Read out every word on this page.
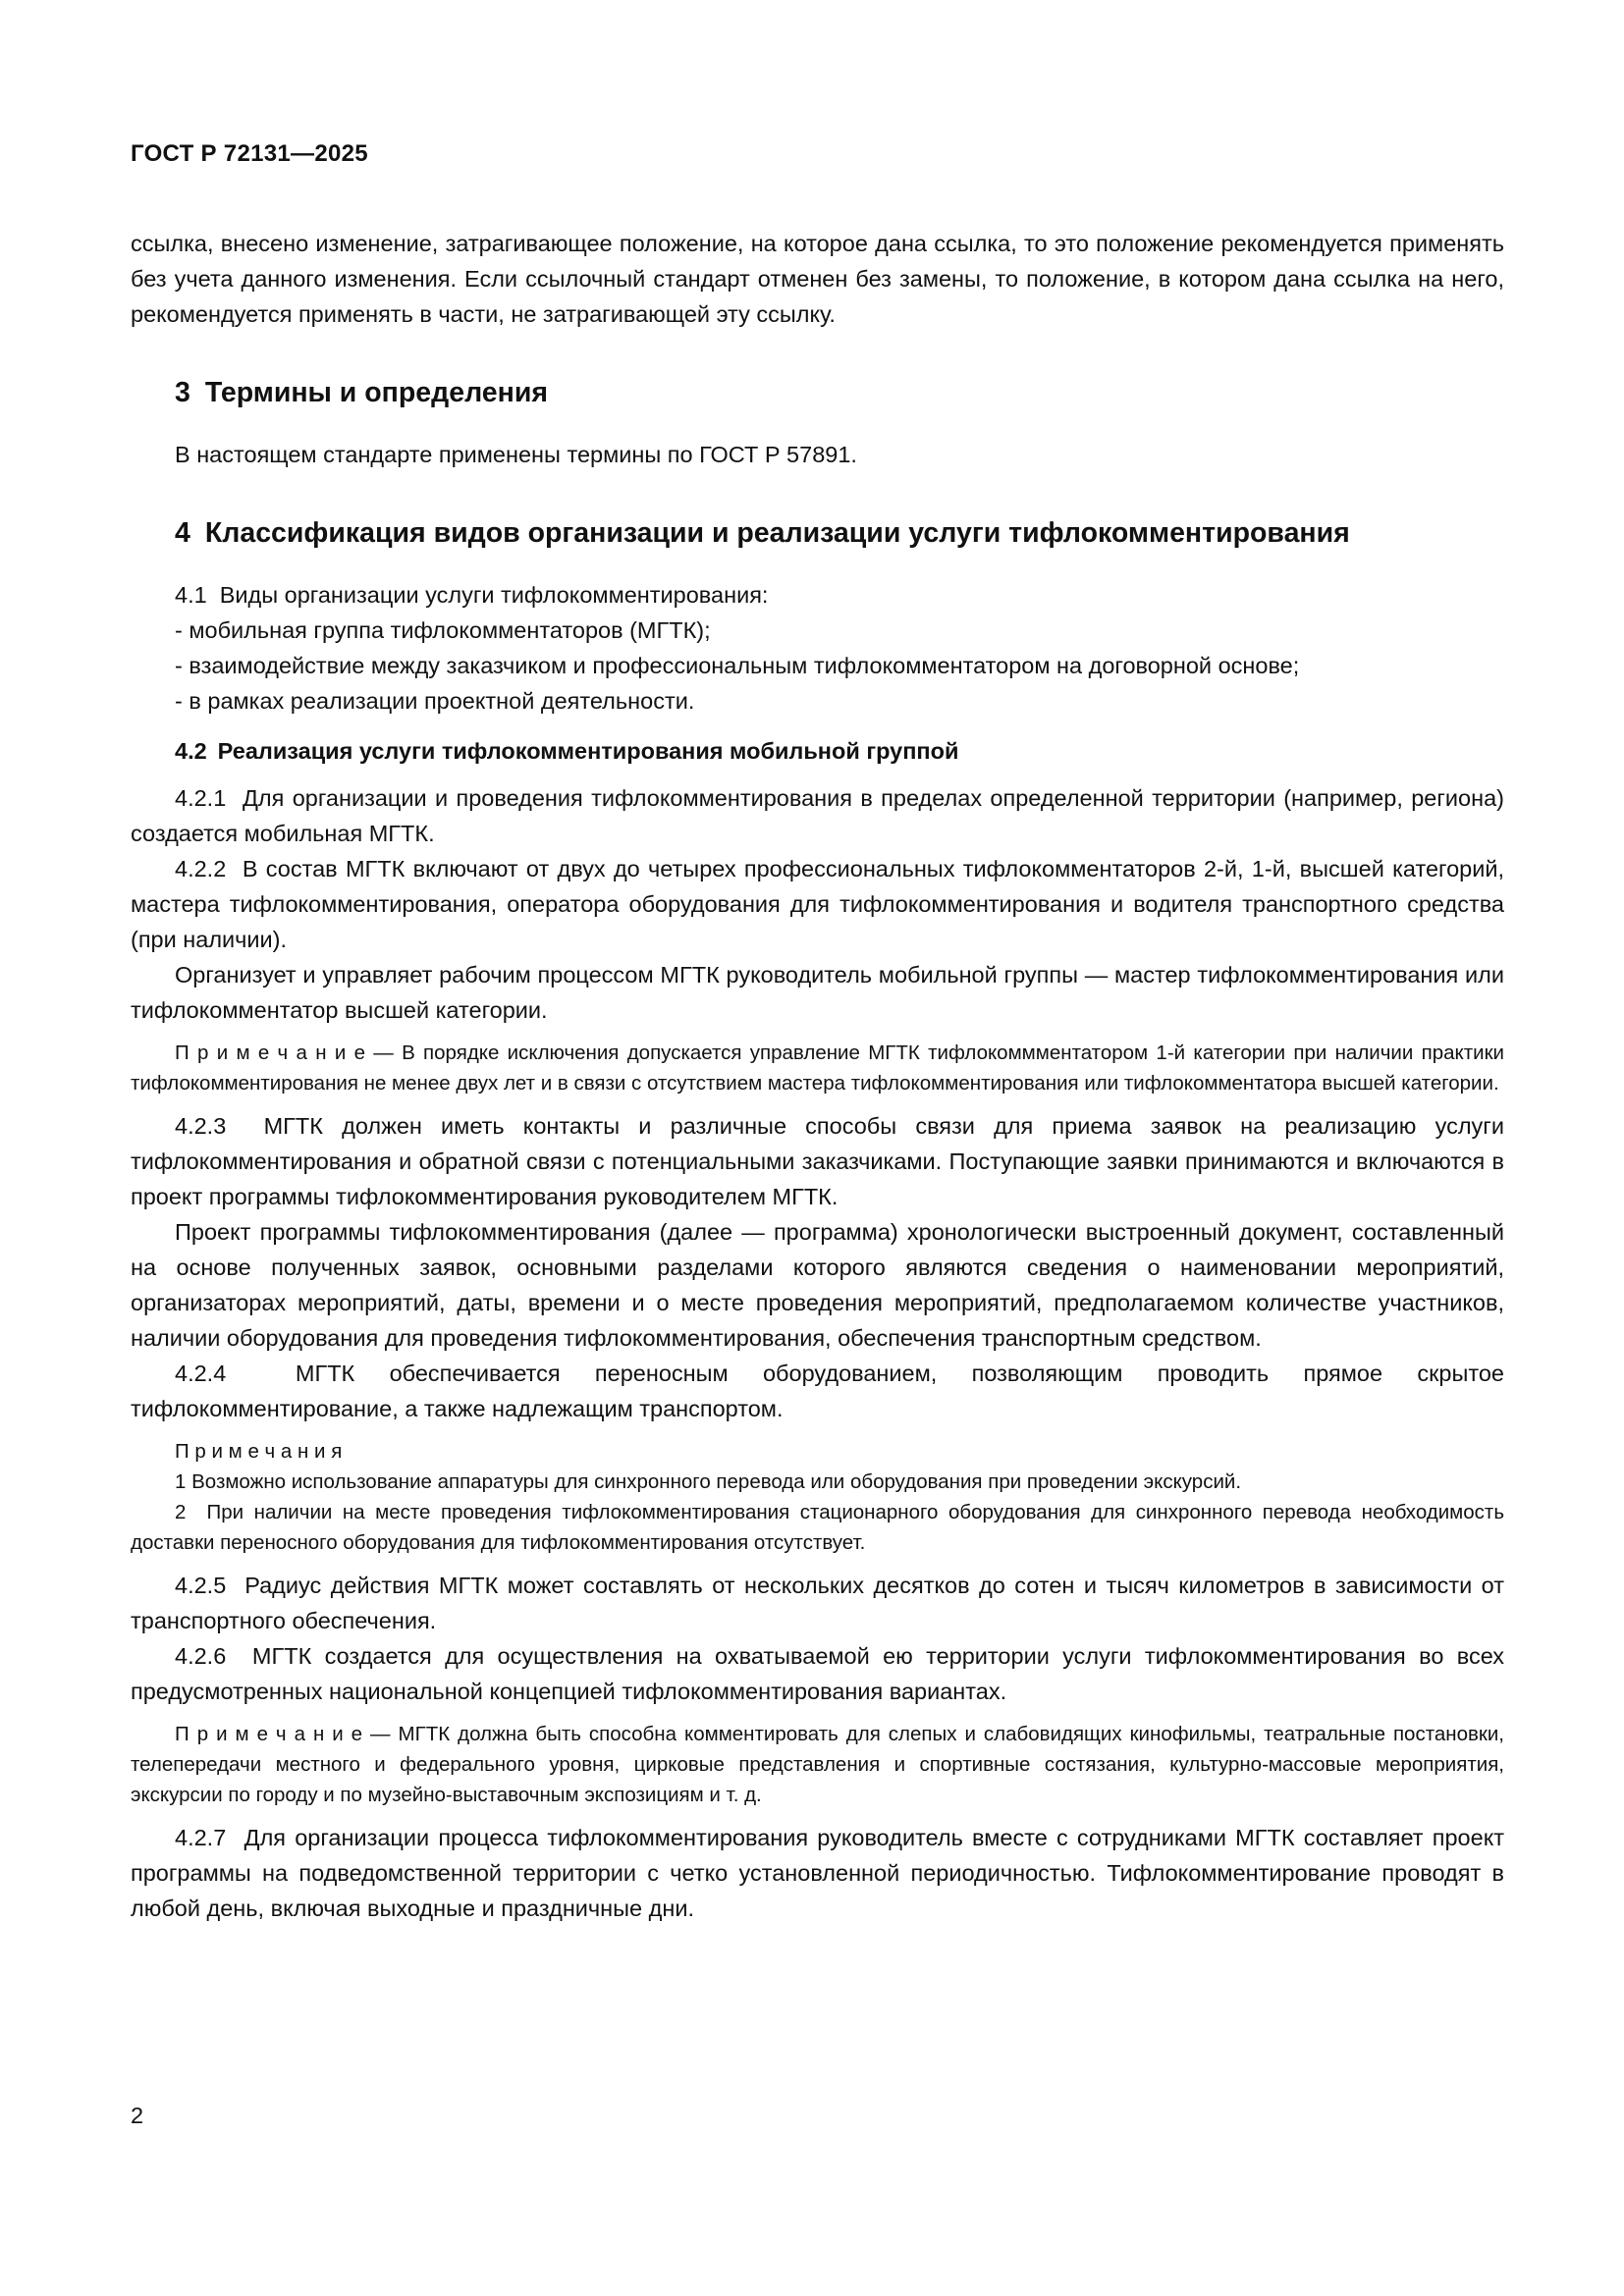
ГОСТ Р 72131—2025

ссылка, внесено изменение, затрагивающее положение, на которое дана ссылка, то это положение рекомендуется применять без учета данного изменения. Если ссылочный стандарт отменен без замены, то положение, в котором дана ссылка на него, рекомендуется применять в части, не затрагивающей эту ссылку.

3 Термины и определения

В настоящем стандарте применены термины по ГОСТ Р 57891.

4 Классификация видов организации и реализации услуги тифлокомментирования

4.1  Виды организации услуги тифлокомментирования:

- мобильная группа тифлокомментаторов (МГТК);

- взаимодействие между заказчиком и профессиональным тифлокомментатором на договорной основе;

- в рамках реализации проектной деятельности.

4.2 Реализация услуги тифлокомментирования мобильной группой

4.2.1  Для организации и проведения тифлокомментирования в пределах определенной территории (например, региона) создается мобильная МГТК.

4.2.2  В состав МГТК включают от двух до четырех профессиональных тифлокомментаторов 2-й, 1-й, высшей категорий, мастера тифлокомментирования, оператора оборудования для тифлокомментирования и водителя транспортного средства (при наличии).

Организует и управляет рабочим процессом МГТК руководитель мобильной группы — мастер тифлокомментирования или тифлокомментатор высшей категории.

П р и м е ч а н и е — В порядке исключения допускается управление МГТК тифлокоммментатором 1-й категории при наличии практики тифлокомментирования не менее двух лет и в связи с отсутствием мастера тифлокомментирования или тифлокомментатора высшей категории.

4.2.3  МГТК должен иметь контакты и различные способы связи для приема заявок на реализацию услуги тифлокомментирования и обратной связи с потенциальными заказчиками. Поступающие заявки принимаются и включаются в проект программы тифлокомментирования руководителем МГТК.

Проект программы тифлокомментирования (далее — программа) хронологически выстроенный документ, составленный на основе полученных заявок, основными разделами которого являются сведения о наименовании мероприятий, организаторах мероприятий, даты, времени и о месте проведения мероприятий, предполагаемом количестве участников, наличии оборудования для проведения тифлокомментирования, обеспечения транспортным средством.

4.2.4  МГТК обеспечивается переносным оборудованием, позволяющим проводить прямое скрытое тифлокомментирование, а также надлежащим транспортом.

П р и м е ч а н и я

1 Возможно использование аппаратуры для синхронного перевода или оборудования при проведении экскурсий.

2  При наличии на месте проведения тифлокомментирования стационарного оборудования для синхронного перевода необходимость доставки переносного оборудования для тифлокомментирования отсутствует.

4.2.5  Радиус действия МГТК может составлять от нескольких десятков до сотен и тысяч километров в зависимости от транспортного обеспечения.

4.2.6  МГТК создается для осуществления на охватываемой ею территории услуги тифлокомментирования во всех предусмотренных национальной концепцией тифлокомментирования вариантах.

П р и м е ч а н и е — МГТК должна быть способна комментировать для слепых и слабовидящих кинофильмы, театральные постановки, телепередачи местного и федерального уровня, цирковые представления и спортивные состязания, культурно-массовые мероприятия, экскурсии по городу и по музейно-выставочным экспозициям и т. д.

4.2.7  Для организации процесса тифлокомментирования руководитель вместе с сотрудниками МГТК составляет проект программы на подведомственной территории с четко установленной периодичностью. Тифлокомментирование проводят в любой день, включая выходные и праздничные дни.

2
